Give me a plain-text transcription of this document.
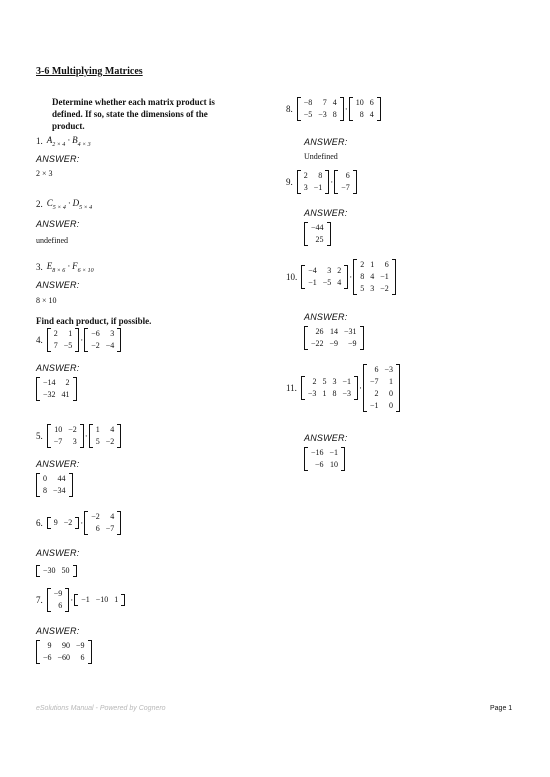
3-6 Multiplying Matrices
Determine whether each matrix product is
defined. If so, state the dimensions of the
product.
1. $A_{2 \times 4} \cdot B_{4 \times 3}$
ANSWER:
2 × 3
2. $C_{5 \times 4} \cdot D_{5 \times 4}$
ANSWER:
undefined
3. $E_{8 \times 6} \cdot F_{6 \times 10}$
ANSWER:
8 × 10
Find each product, if possible.
4.
2	1
7	−5
·
−6	3
−2	−4
ANSWER:
−14	2
−32	41
5.
10	−2
−7	3
·
1	4
5	−2
ANSWER:
0	44
8	−34
6. 9	−2 ·
−2	4
6	−7
ANSWER:
−30	50
7.
−9
6
· −1	−10	1
ANSWER:
9	90	−9
−6	−60	6
8.
−8	7	4
−5	−3	8
·
10	6
8	4
ANSWER:
Undefined
9.
2	8
3	−1
·
6
−7
ANSWER:
−44
25
10.
−4	3	2
−1	−5	4
·
2	1	6
8	4	−1
5	3	−2
ANSWER:
26	14	−31
−22	−9	−9
11.
2	5	3	−1
−3	1	8	−3
·
6	−3
−7	1
2	0
−1	0
ANSWER:
−16	−1
−6	10
eSolutions Manual - Powered by Cognero	Page 1
